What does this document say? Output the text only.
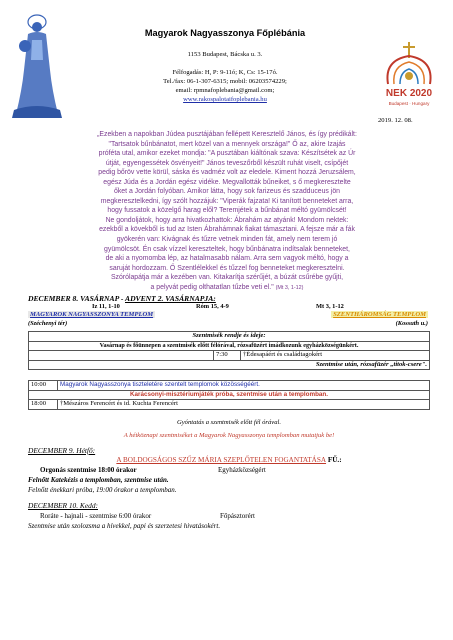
Magyarok Nagyasszonya Főplébánia
1153 Budapest, Bácska u. 3.
Félfogadás: H, P: 9-11ó; K, Cs: 15-17ó.
Tel./fax: 06-1-307-6315; mobil: 06203574229;
email: rpmnafoplebania@gmail.com;
www.rakospalotaifoplebania.hu
NEK 2020
Budapest · Hungary
2019. 12. 08.
„Ezekben a napokban Júdea pusztájában fellépett Keresztelő János, és így prédikált:
"Tartsatok bűnbánatot, mert közel van a mennyek országa!" Ő az, akire Izajás
próféta utal, amikor ezeket mondja: "A pusztában kiáltónak szava: Készítsétek az Úr
útját, egyengessétek ösvényeit!" János teveszőrből készült ruhát viselt, csípőjét
pedig bőröv vette körül, sáska és vadméz volt az eledele. Kiment hozzá Jeruzsálem,
egész Júda és a Jordán egész vidéke. Megvallották bűneiket, s ő megkeresztelte
őket a Jordán folyóban. Amikor látta, hogy sok farizeus és szadduceus jön
megkeresztelkedni, így szólt hozzájuk: "Viperák fajzata! Ki tanított benneteket arra,
hogy fussatok a közelgő harag elől? Teremjétek a bűnbánat méltó gyümölcsét!
Ne gondoljátok, hogy arra hivatkozhattok: Ábrahám az atyánk! Mondom nektek:
ezekből a kövekből is tud az Isten Ábrahámnak fiakat támasztani. A fejsze már a fák
gyökerén van: Kivágnak és tűzre vetnek minden fát, amely nem terem jó
gyümölcsöt. Én csak vízzel kereszteltek, hogy bűnbánatra indítsalak benneteket,
de aki a nyomomba lép, az hatalmasabb nálam. Arra sem vagyok méltó, hogy a
saruját hordozzam. Ő Szentlélekkel és tűzzel fog benneteket megkeresztelni.
Szórólapátja már a kezében van. Kitakarítja szérűjét, a búzát csűrébe gyűjti,
a pelyvát pedig olthatatlan tűzbe veti el." (Mt 3, 1-12)
DECEMBER 8. VASÁRNAP - ADVENT 2. VASÁRNAPJA:
Iz 11, 1-10	Róm 15, 4-9	Mt 3, 1-12
MAGYAROK NAGYASSZONYA TEMPLOM
(Széchenyi tér)
SZENTHÁROMSÁG TEMPLOM
(Kossuth u.)
Szentmisék rendje és ideje:
Vasárnap és főünnepen a szentmisék előtt félórával, rózsafüzért imádkozunk egyházközségünkért.
	7:30	†Édesapáért és családtagokért
Szentmise után, rózsafüzér „titok-csere".
10:00	Magyarok Nagyasszonya tiszteletére szentelt templomok közösségéért.
Karácsonyi-misztériumjáték próba, szentmise után a templomban.	
18:00	†Mészáros Ferencért és id. Kuchta Ferencért
Gyóntatás a szentmisék előtt fél órával.
A hétköznapi szentmiséket a Magyarok Nagyasszonya templomban mutatjuk be!
DECEMBER 9. Hétfő:
A BOLDOGSÁGOS SZŰZ MÁRIA SZEPLŐTELEN FOGANTATÁSA FŰ.:
Orgonás szentmise 18:00 órakor	Egyházközségért
Felnőtt Katekézis a templomban, szentmise után.
Felnőtt énekkari próba, 19:00 órakor a templomban.
DECEMBER 10. Kedd:
Roráte - hajnali - szentmise 6:00 órakor	Főpásztorért
Szentmise után szolozsma a hívekkel, papi és szerzetesi hivatásokért.
